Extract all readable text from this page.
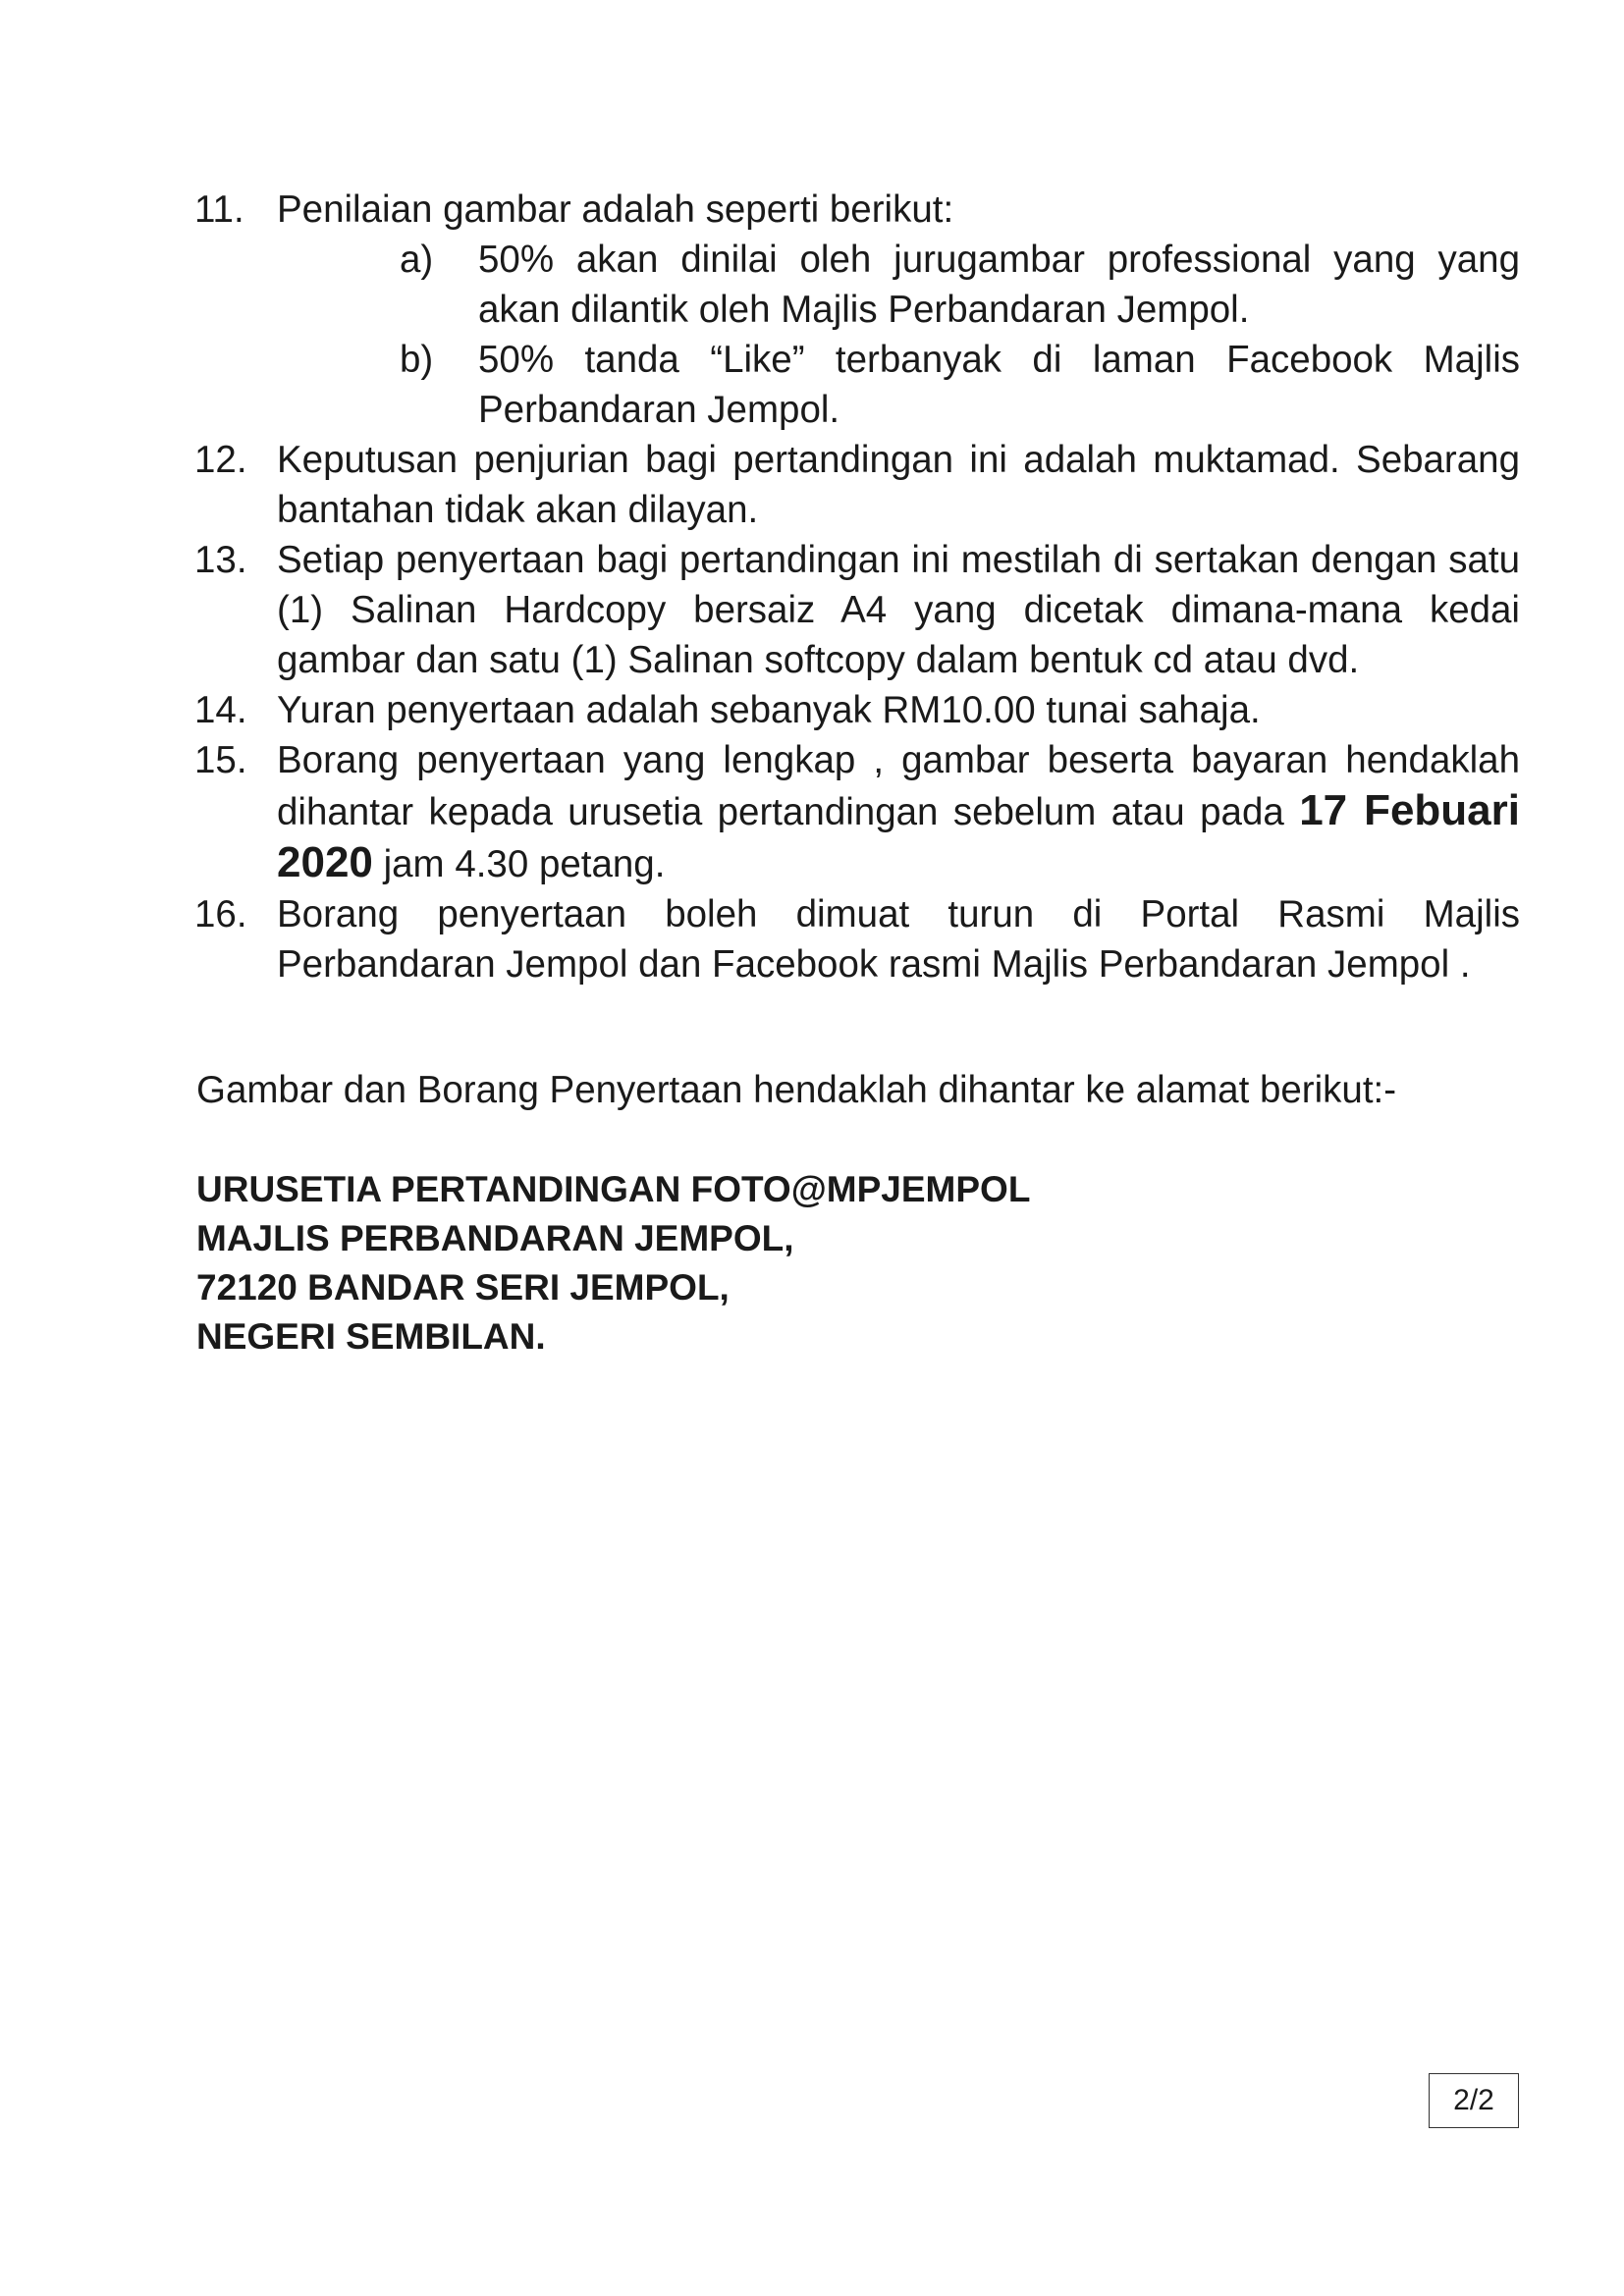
11. Penilaian gambar adalah seperti berikut:
a) 50% akan dinilai oleh jurugambar professional yang yang akan dilantik oleh Majlis Perbandaran Jempol.
b) 50% tanda “Like” terbanyak di laman Facebook Majlis Perbandaran Jempol.
12. Keputusan penjurian bagi pertandingan ini adalah muktamad. Sebarang bantahan tidak akan dilayan.
13. Setiap penyertaan bagi pertandingan ini mestilah di sertakan dengan satu (1) Salinan Hardcopy bersaiz A4 yang dicetak dimana-mana kedai gambar dan satu (1) Salinan softcopy dalam bentuk cd atau dvd.
14. Yuran penyertaan adalah sebanyak RM10.00 tunai sahaja.
15. Borang penyertaan yang lengkap , gambar beserta bayaran hendaklah dihantar kepada urusetia pertandingan sebelum atau pada 17 Febuari 2020 jam 4.30 petang.
16. Borang penyertaan boleh dimuat turun di Portal Rasmi Majlis Perbandaran Jempol dan Facebook rasmi Majlis Perbandaran Jempol .
Gambar dan Borang Penyertaan hendaklah dihantar ke alamat berikut:-
URUSETIA PERTANDINGAN FOTO@MPJEMPOL
MAJLIS PERBANDARAN JEMPOL,
72120 BANDAR SERI JEMPOL,
NEGERI SEMBILAN.
2/2
